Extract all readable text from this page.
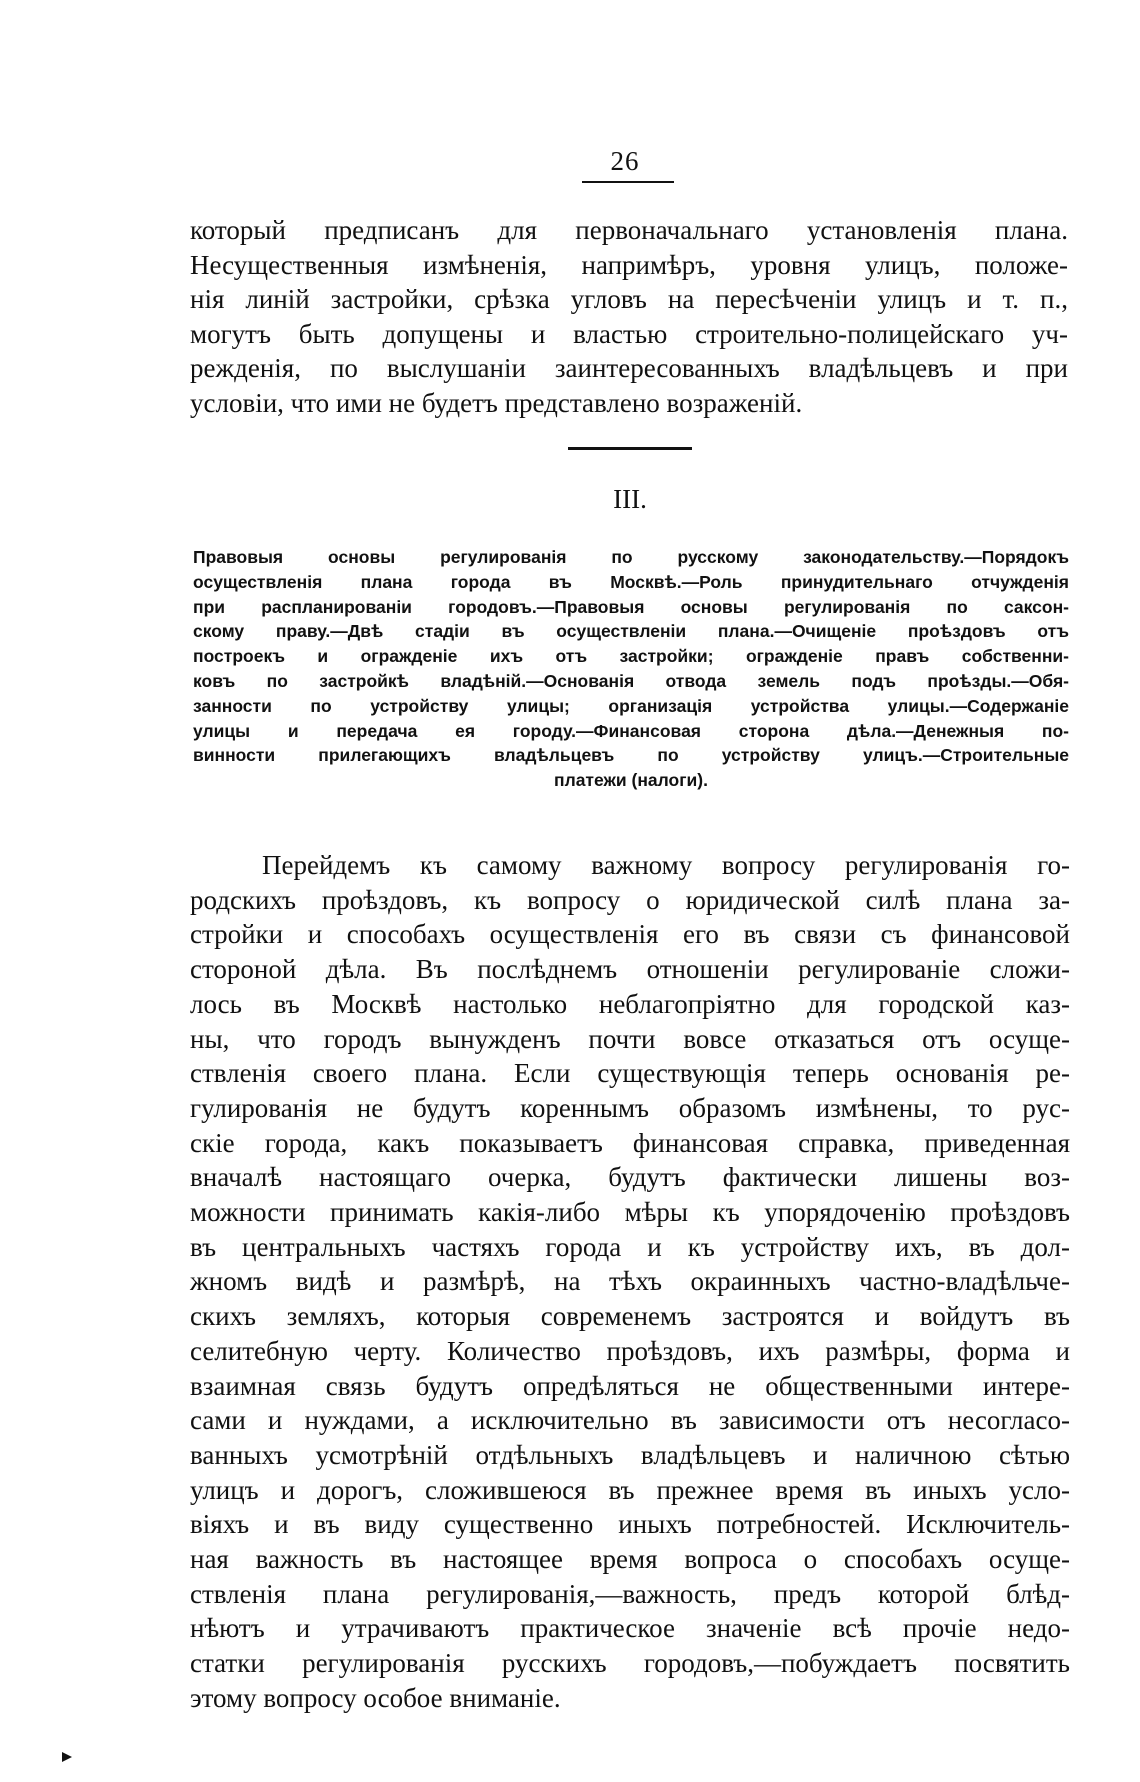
26
который предписанъ для первоначальнаго установленія плана.
Несущественныя измѣненія, напримѣръ, уровня улицъ, положе-
нія линій застройки, срѣзка угловъ на пересѣченіи улицъ и т. п.,
могутъ быть допущены и властью строительно-полицейскаго уч-
режденія, по выслушаніи заинтересованныхъ владѣльцевъ и при
условіи, что ими не будетъ представлено возраженій.
III.
Правовыя основы регулированія по русскому законодательству.—Порядокъ
осуществленія плана города въ Москвѣ.—Роль принудительнаго отчужденія
при распланированіи городовъ.—Правовыя основы регулированія по саксон-
скому праву.—Двѣ стадіи въ осуществленіи плана.—Очищеніе проѣздовъ отъ
построекъ и огражденіе ихъ отъ застройки; огражденіе правъ собственни-
ковъ по застройкѣ владѣній.—Основанія отвода земель подъ проѣзды.—Обя-
занности по устройству улицы; организація устройства улицы.—Содержаніе
улицы и передача ея городу.—Финансовая сторона дѣла.—Денежныя по-
винности прилегающихъ владѣльцевъ по устройству улицъ.—Строительные
платежи (налоги).
Перейдемъ къ самому важному вопросу регулированія го-
родскихъ проѣздовъ, къ вопросу о юридической силѣ плана за-
стройки и способахъ осуществленія его въ связи съ финансовой
стороной дѣла. Въ послѣднемъ отношеніи регулированіе сложи-
лось въ Москвѣ настолько неблагопріятно для городской каз-
ны, что городъ вынужденъ почти вовсе отказаться отъ осуще-
ствленія своего плана. Если существующія теперь основанія ре-
гулированія не будутъ кореннымъ образомъ измѣнены, то рус-
скіе города, какъ показываетъ финансовая справка, приведенная
вначалѣ настоящаго очерка, будутъ фактически лишены воз-
можности принимать какія-либо мѣры къ упорядоченію проѣздовъ
въ центральныхъ частяхъ города и къ устройству ихъ, въ дол-
жномъ видѣ и размѣрѣ, на тѣхъ окраинныхъ частно-владѣльче-
скихъ земляхъ, которыя современемъ застроятся и войдутъ въ
селитебную черту. Количество проѣздовъ, ихъ размѣры, форма и
взаимная связь будутъ опредѣляться не общественными интере-
сами и нуждами, а исключительно въ зависимости отъ несогласо-
ванныхъ усмотрѣній отдѣльныхъ владѣльцевъ и наличною сѣтью
улицъ и дорогъ, сложившеюся въ прежнее время въ иныхъ усло-
віяхъ и въ виду существенно иныхъ потребностей. Исключитель-
ная важность въ настоящее время вопроса о способахъ осуще-
ствленія плана регулированія,—важность, предъ которой блѣд-
нѣютъ и утрачиваютъ практическое значеніе всѣ прочіе недо-
статки регулированія русскихъ городовъ,—побуждаетъ посвятить
этому вопросу особое вниманіе.
